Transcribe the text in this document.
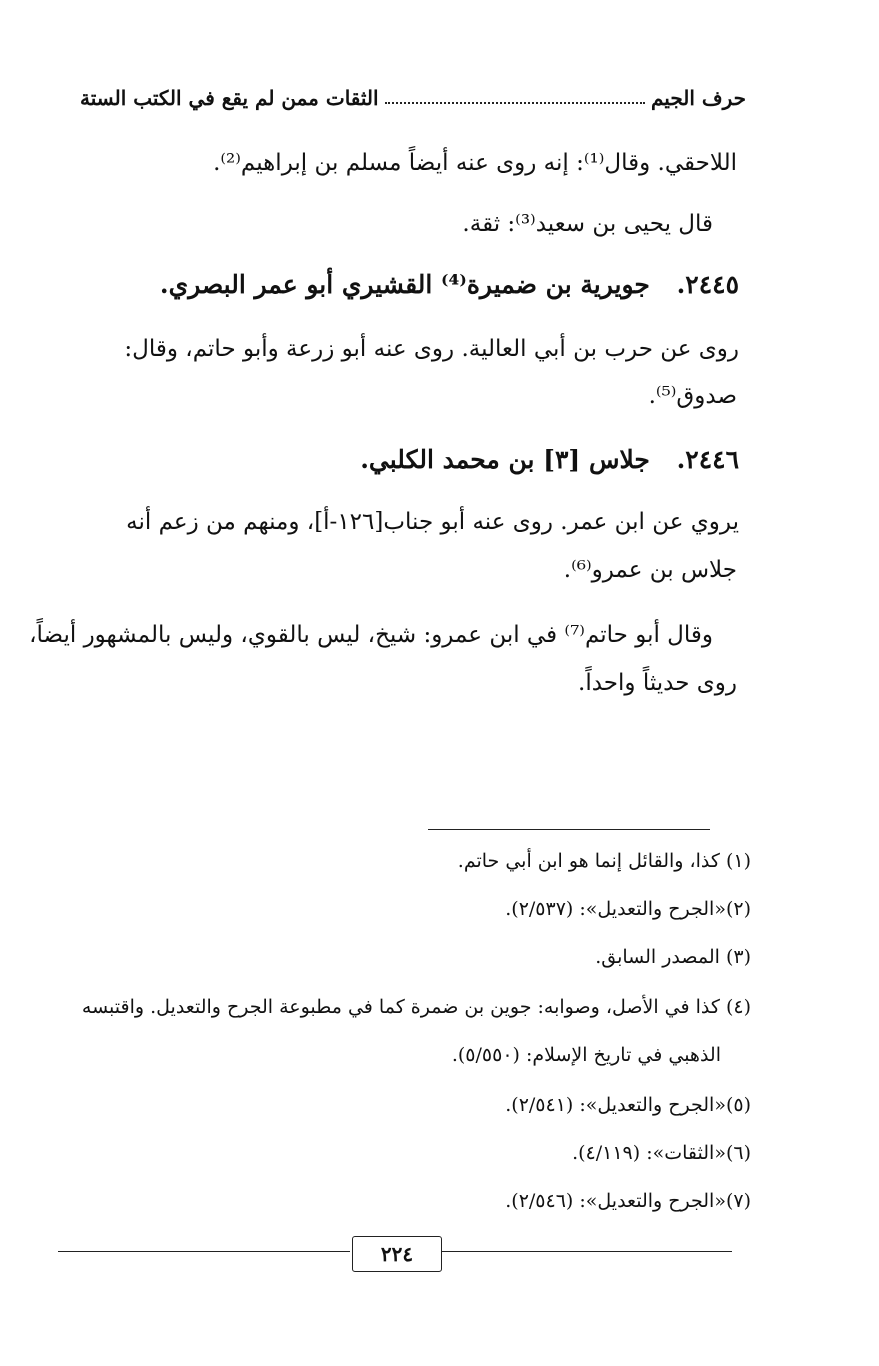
حرف الجيم
الثقات ممن لم يقع في الكتب الستة
اللاحقي. وقال⁽¹⁾: إنه روى عنه أيضاً مسلم بن إبراهيم⁽²⁾.
قال يحيى بن سعيد⁽³⁾: ثقة.
٢٤٤٥. جويرية بن ضميرة⁽⁴⁾ القشيري أبو عمر البصري.
روى عن حرب بن أبي العالية. روى عنه أبو زرعة وأبو حاتم، وقال:
صدوق⁽⁵⁾.
٢٤٤٦. جلاس [٣] بن محمد الكلبي.
يروي عن ابن عمر. روى عنه أبو جناب[١٢٦-أ]، ومنهم من زعم أنه
جلاس بن عمرو⁽⁶⁾.
وقال أبو حاتم⁽⁷⁾ في ابن عمرو: شيخ، ليس بالقوي، وليس بالمشهور أيضاً،
روى حديثاً واحداً.
(١) كذا، والقائل إنما هو ابن أبي حاتم.
(٢)«الجرح والتعديل»: (٢/٥٣٧).
(٣) المصدر السابق.
(٤) كذا في الأصل، وصوابه: جوين بن ضمرة كما في مطبوعة الجرح والتعديل. واقتبسه
الذهبي في تاريخ الإسلام: (٥/٥٥٠).
(٥)«الجرح والتعديل»: (٢/٥٤١).
(٦)«الثقات»: (٤/١١٩).
(٧)«الجرح والتعديل»: (٢/٥٤٦).
٢٢٤
